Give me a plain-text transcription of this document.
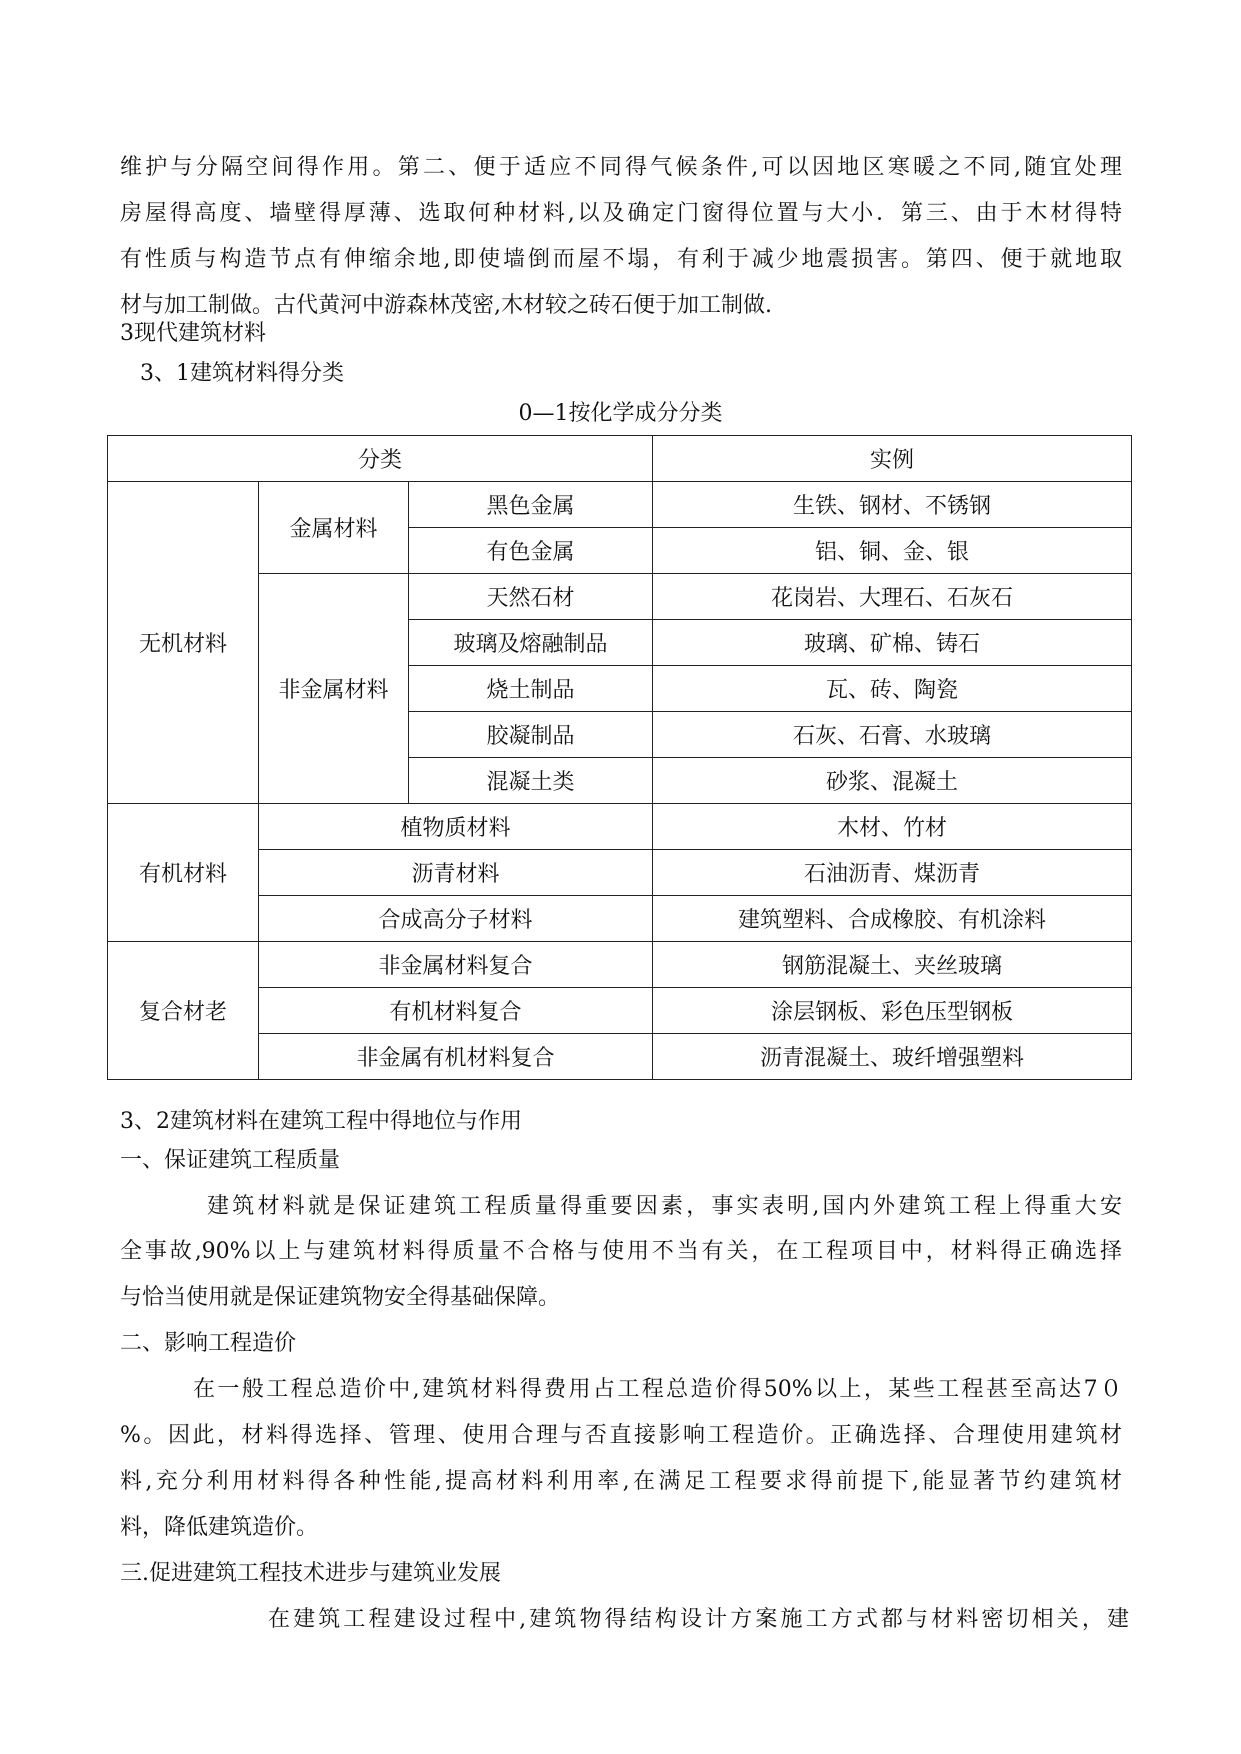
维护与分隔空间得作用。第二、便于适应不同得气候条件,可以因地区寒暖之不同,随宜处理
房屋得高度、墙壁得厚薄、选取何种材料,以及确定门窗得位置与大小．第三、由于木材得特
有性质与构造节点有伸缩余地,即使墙倒而屋不塌，有利于减少地震损害。第四、便于就地取
材与加工制做。古代黄河中游森林茂密,木材较之砖石便于加工制做.
3现代建筑材料
3、1建筑材料得分类
0—1按化学成分分类
分类			实例
无机材料	金属材料	黑色金属	生铁、钢材、不锈钢
		有色金属	铝、铜、金、银
	非金属材料	天然石材	花岗岩、大理石、石灰石
		玻璃及熔融制品	玻璃、矿棉、铸石
		烧土制品	瓦、砖、陶瓷
		胶凝制品	石灰、石膏、水玻璃
		混凝土类	砂浆、混凝土
有机材料	植物质材料		木材、竹材
	沥青材料		石油沥青、煤沥青
	合成高分子材料		建筑塑料、合成橡胶、有机涂料
复合材老	非金属材料复合		钢筋混凝土、夹丝玻璃
	有机材料复合		涂层钢板、彩色压型钢板
	非金属有机材料复合		沥青混凝土、玻纤增强塑料
3、2建筑材料在建筑工程中得地位与作用
一、保证建筑工程质量
建筑材料就是保证建筑工程质量得重要因素，事实表明,国内外建筑工程上得重大安
全事故,90%以上与建筑材料得质量不合格与使用不当有关，在工程项目中，材料得正确选择
与恰当使用就是保证建筑物安全得基础保障。
二、影响工程造价
在一般工程总造价中,建筑材料得费用占工程总造价得50%以上，某些工程甚至高达7０
%。因此，材料得选择、管理、使用合理与否直接影响工程造价。正确选择、合理使用建筑材
料,充分利用材料得各种性能,提高材料利用率,在满足工程要求得前提下,能显著节约建筑材
料，降低建筑造价。
三.促进建筑工程技术进步与建筑业发展
在建筑工程建设过程中,建筑物得结构设计方案施工方式都与材料密切相关，建
